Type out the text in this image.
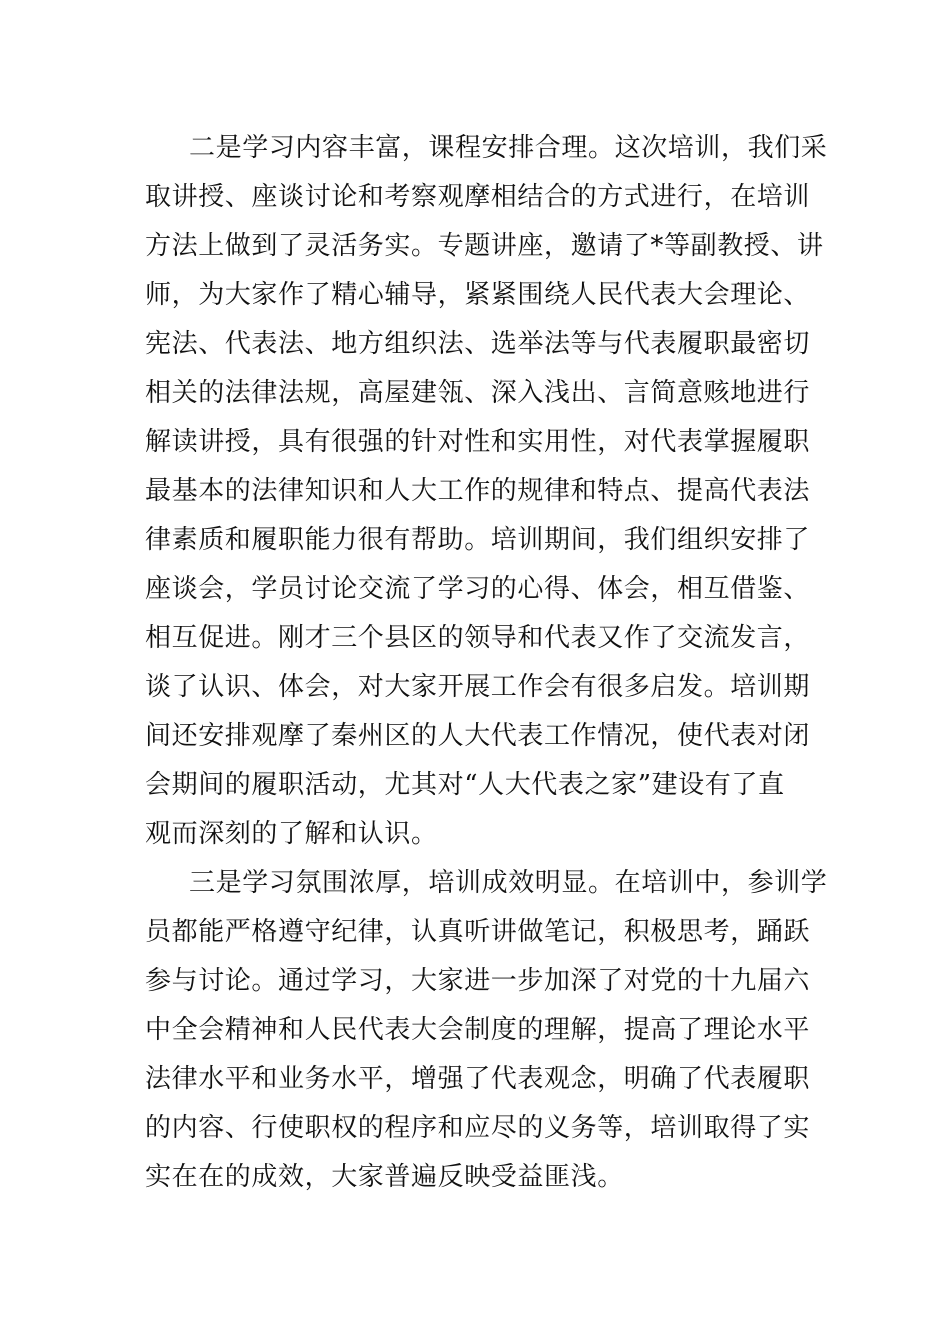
二是学习内容丰富，课程安排合理。这次培训，我们采
取讲授、座谈讨论和考察观摩相结合的方式进行，在培训
方法上做到了灵活务实。专题讲座，邀请了*等副教授、讲
师，为大家作了精心辅导，紧紧围绕人民代表大会理论、
宪法、代表法、地方组织法、选举法等与代表履职最密切
相关的法律法规，高屋建瓴、深入浅出、言简意赅地进行
解读讲授，具有很强的针对性和实用性，对代表掌握履职
最基本的法律知识和人大工作的规律和特点、提高代表法
律素质和履职能力很有帮助。培训期间，我们组织安排了
座谈会，学员讨论交流了学习的心得、体会，相互借鉴、
相互促进。刚才三个县区的领导和代表又作了交流发言，
谈了认识、体会，对大家开展工作会有很多启发。培训期
间还安排观摩了秦州区的人大代表工作情况，使代表对闭
会期间的履职活动，尤其对“人大代表之家”建设有了直
观而深刻的了解和认识。
三是学习氛围浓厚，培训成效明显。在培训中，参训学
员都能严格遵守纪律，认真听讲做笔记，积极思考，踊跃
参与讨论。通过学习，大家进一步加深了对党的十九届六
中全会精神和人民代表大会制度的理解，提高了理论水平
法律水平和业务水平，增强了代表观念，明确了代表履职
的内容、行使职权的程序和应尽的义务等，培训取得了实
实在在的成效，大家普遍反映受益匪浅。
